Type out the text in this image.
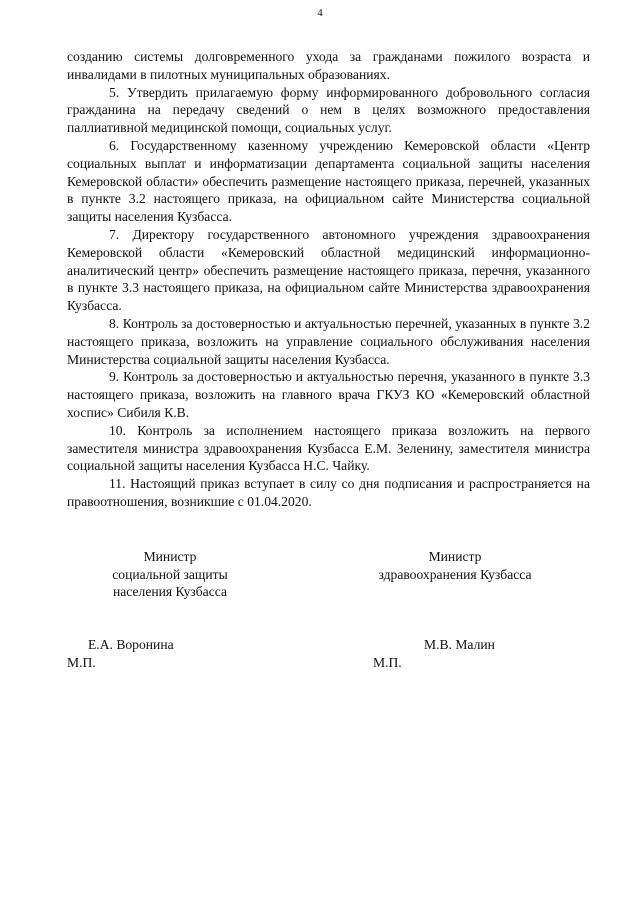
4

созданию системы долговременного ухода за гражданами пожилого возраста и инвалидами в пилотных муниципальных образованиях.

5. Утвердить прилагаемую форму информированного добровольного согласия гражданина на передачу сведений о нем в целях возможного предоставления паллиативной медицинской помощи, социальных услуг.

6. Государственному казенному учреждению Кемеровской области «Центр социальных выплат и информатизации департамента социальной защиты населения Кемеровской области» обеспечить размещение настоящего приказа, перечней, указанных в пункте 3.2 настоящего приказа, на официальном сайте Министерства социальной защиты населения Кузбасса.

7. Директору государственного автономного учреждения здравоохранения Кемеровской области «Кемеровский областной медицинский информационно-аналитический центр» обеспечить размещение настоящего приказа, перечня, указанного в пункте 3.3 настоящего приказа, на официальном сайте Министерства здравоохранения Кузбасса.

8. Контроль за достоверностью и актуальностью перечней, указанных в пункте 3.2 настоящего приказа, возложить на управление социального обслуживания населения Министерства социальной защиты населения Кузбасса.

9. Контроль за достоверностью и актуальностью перечня, указанного в пункте 3.3 настоящего приказа, возложить на главного врача ГКУЗ КО «Кемеровский областной хоспис» Сибиля К.В.

10. Контроль за исполнением настоящего приказа возложить на первого заместителя министра здравоохранения Кузбасса Е.М. Зеленину, заместителя министра социальной защиты населения Кузбасса Н.С. Чайку.

11. Настоящий приказ вступает в силу со дня подписания и распространяется на правоотношения, возникшие с 01.04.2020.

Министр
социальной защиты
населения Кузбасса
Министр
здравоохранения Кузбасса
Е.А. Воронина
М.П.
М.В. Малин
М.П.
